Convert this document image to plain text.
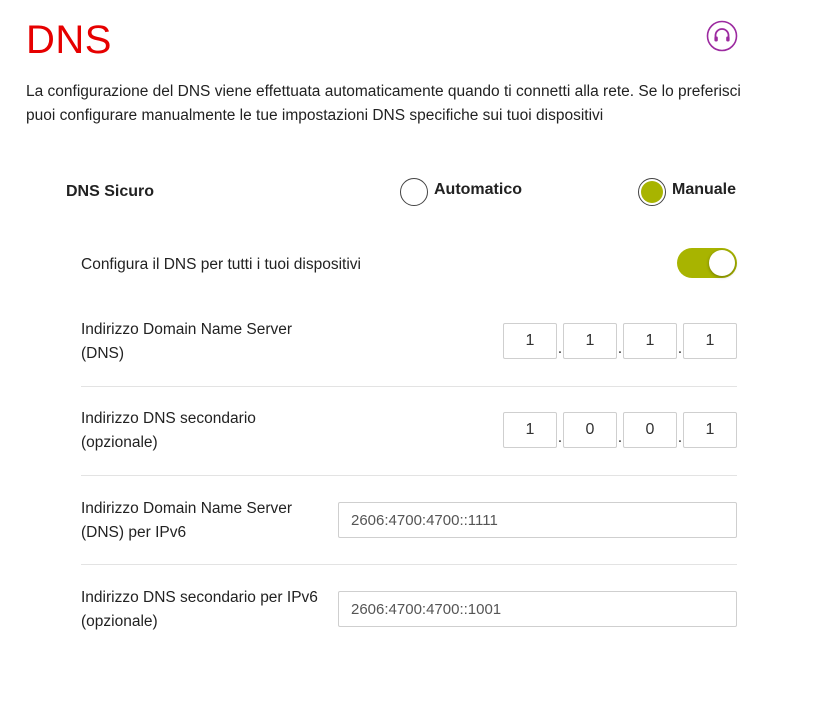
DNS

La configurazione del DNS viene effettuata automaticamente quando ti connetti alla rete. Se lo preferisci puoi configurare manualmente le tue impostazioni DNS specifiche sui tuoi dispositivi

DNS Sicuro	Automatico	Manuale
Configura il DNS per tutti i tuoi dispositivi
Indirizzo Domain Name Server
(DNS)
1	.	1	.	1	.	1
Indirizzo DNS secondario
(opzionale)
1	.	0	.	0	.	1
Indirizzo Domain Name Server
(DNS) per IPv6
2606:4700:4700::1111
Indirizzo DNS secondario per IPv6
(opzionale)
2606:4700:4700::1001
